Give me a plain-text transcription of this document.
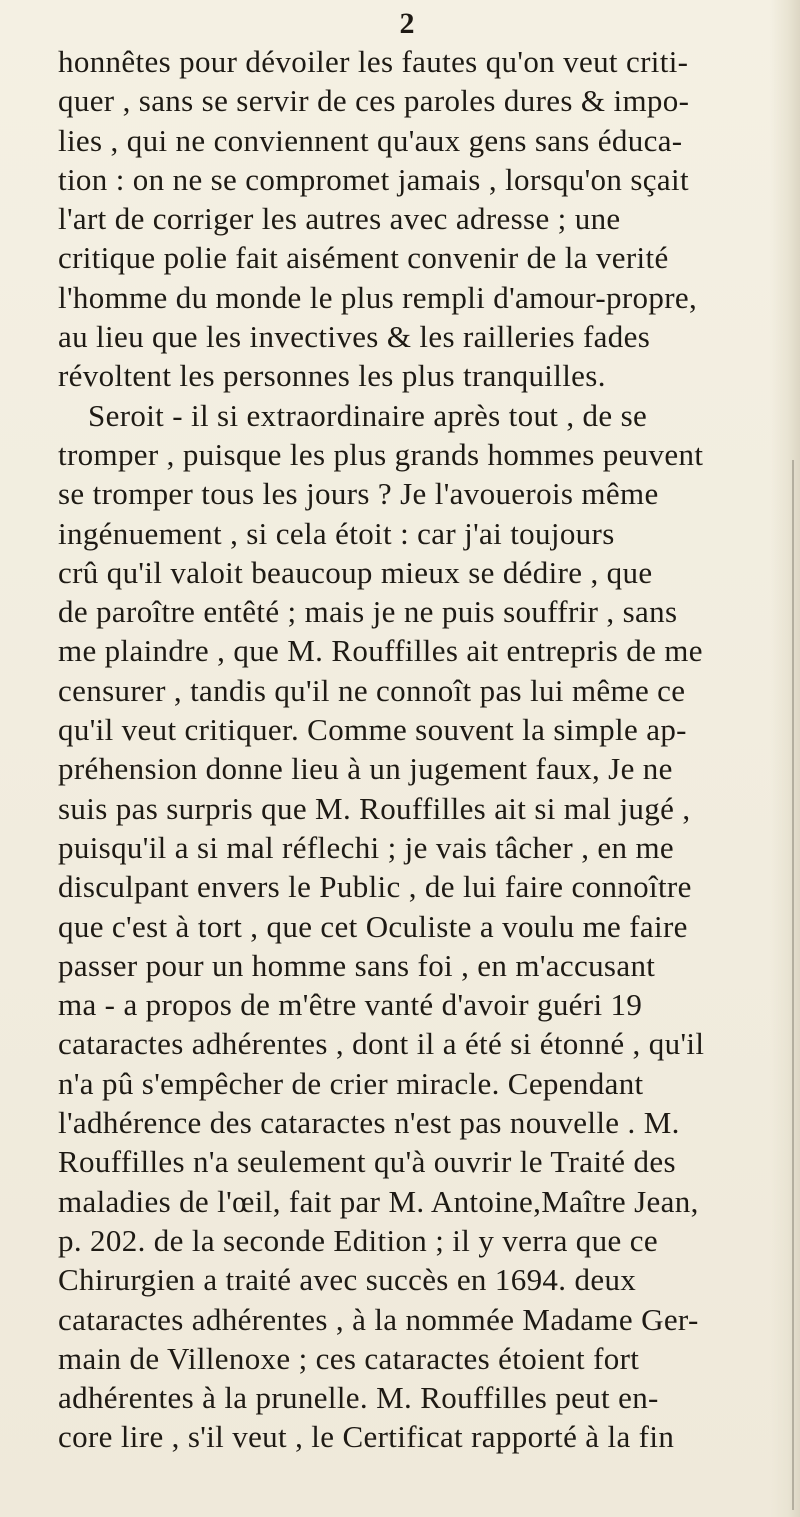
2
honnêtes pour dévoiler les fautes qu'on veut criti-
quer , sans se servir de ces paroles dures & impo-
lies , qui ne conviennent qu'aux gens sans éduca-
tion : on ne se compromet jamais , lorsqu'on sçait
l'art de corriger les autres avec adresse ; une
critique polie fait aisément convenir de la verité
l'homme du monde le plus rempli d'amour-propre,
au lieu que les invectives & les railleries fades
révoltent les personnes les plus tranquilles.
Seroit - il si extraordinaire après tout , de se
tromper , puisque les plus grands hommes peuvent
se tromper tous les jours ? Je l'avouerois même
ingénuement , si cela étoit : car j'ai toujours
crû qu'il valoit beaucoup mieux se dédire , que
de paroître entêté ; mais je ne puis souffrir , sans
me plaindre , que M. Rouffilles ait entrepris de me
censurer , tandis qu'il ne connoît pas lui même ce
qu'il veut critiquer. Comme souvent la simple ap-
préhension donne lieu à un jugement faux, Je ne
suis pas surpris que M. Rouffilles ait si mal jugé ,
puisqu'il a si mal réflechi ; je vais tâcher , en me
disculpant envers le Public , de lui faire connoître
que c'est à tort , que cet Oculiste a voulu me faire
passer pour un homme sans foi , en m'accusant
ma - a propos de m'être vanté d'avoir guéri 19
cataractes adhérentes , dont il a été si étonné , qu'il
n'a pû s'empêcher de crier miracle. Cependant
l'adhérence des cataractes n'est pas nouvelle . M.
Rouffilles n'a seulement qu'à ouvrir le Traité des
maladies de l'œil, fait par M. Antoine,Maître Jean,
p. 202. de la seconde Edition ; il y verra que ce
Chirurgien a traité avec succès en 1694. deux
cataractes adhérentes , à la nommée Madame Ger-
main de Villenoxe ; ces cataractes étoient fort
adhérentes à la prunelle. M. Rouffilles peut en-
core lire , s'il veut , le Certificat rapporté à la fin
